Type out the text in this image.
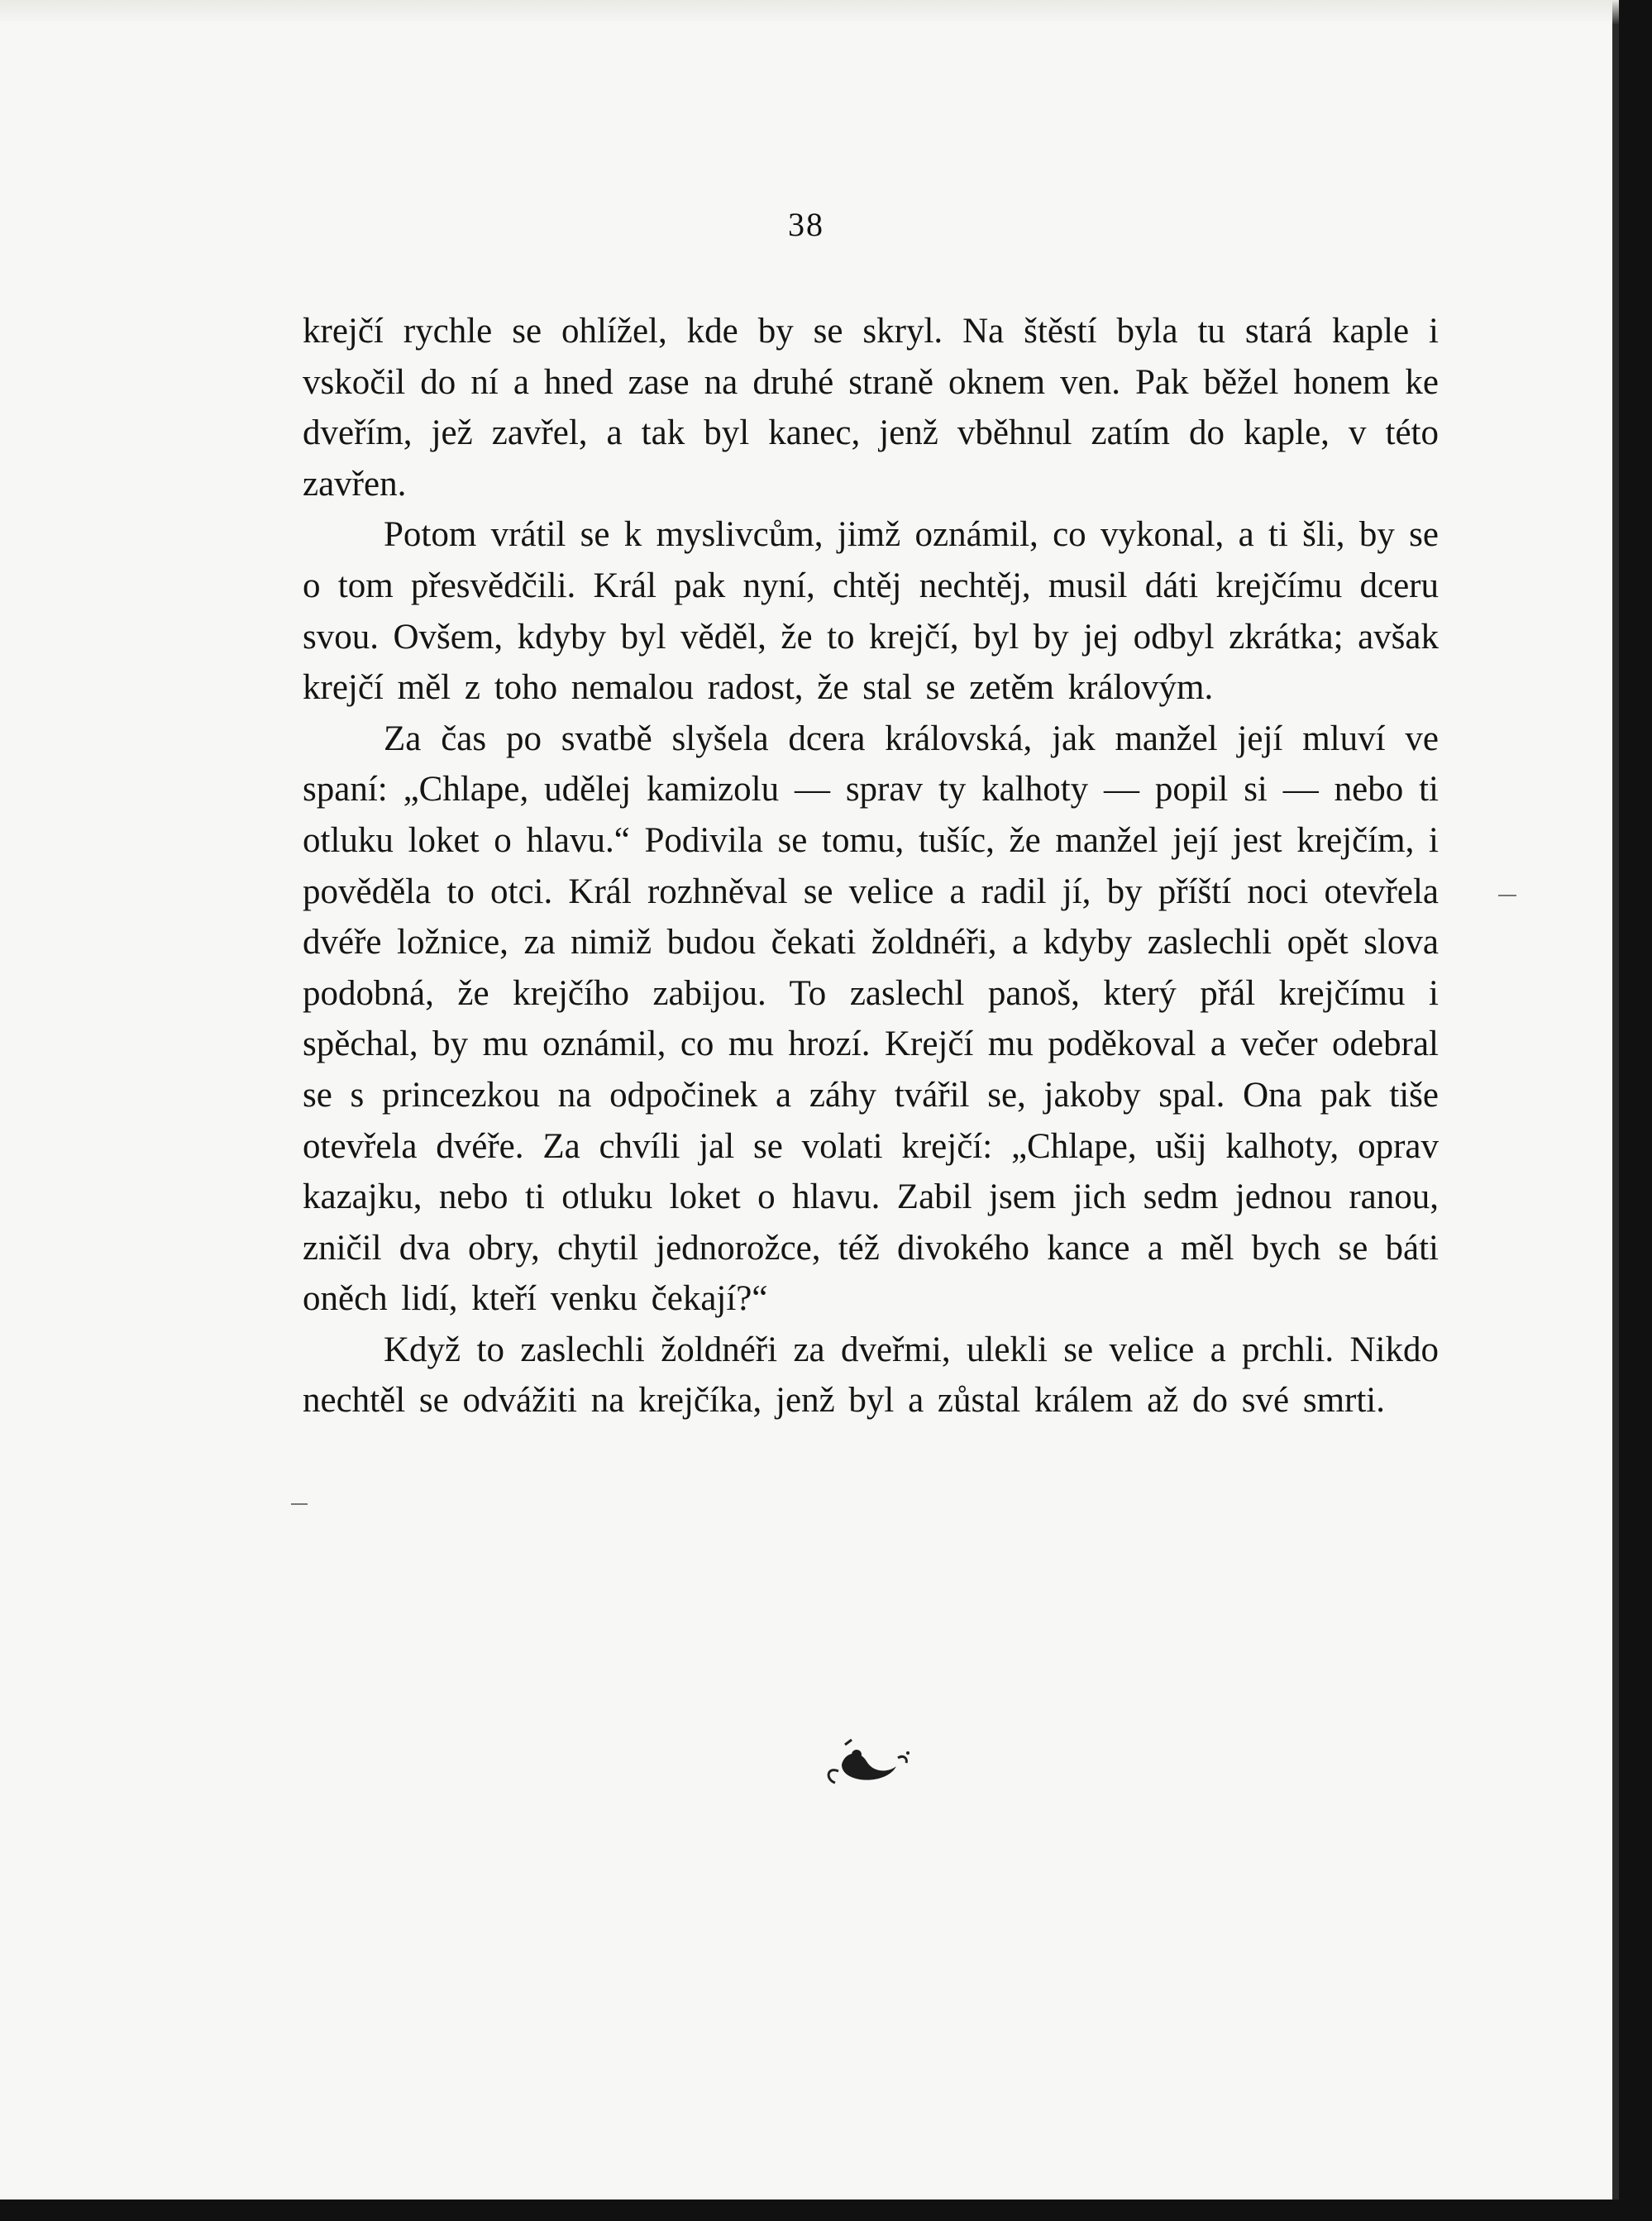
38

krejčí rychle se ohlížel, kde by se skryl. Na štěstí byla tu stará kaple i vskočil do ní a hned zase na druhé straně oknem ven. Pak běžel honem ke dveřím, jež zavřel, a tak byl kanec, jenž vběhnul zatím do kaple, v této zavřen.

Potom vrátil se k myslivcům, jimž oznámil, co vykonal, a ti šli, by se o tom přesvědčili. Král pak nyní, chtěj nechtěj, musil dáti krejčímu dceru svou. Ovšem, kdyby byl věděl, že to krejčí, byl by jej odbyl zkrátka; avšak krejčí měl z toho nemalou radost, že stal se zetěm královým.

Za čas po svatbě slyšela dcera královská, jak manžel její mluví ve spaní: „Chlape, udělej kamizolu — sprav ty kalhoty — popil si — nebo ti otluku loket o hlavu.“ Podivila se tomu, tušíc, že manžel její jest krejčím, i pověděla to otci. Král rozhněval se velice a radil jí, by příští noci otevřela dvéře ložnice, za nimiž budou čekati žoldnéři, a kdyby zaslechli opět slova podobná, že krejčího zabijou. To zaslechl panoš, který přál krejčímu i spěchal, by mu oznámil, co mu hrozí. Krejčí mu poděkoval a večer odebral se s princezkou na odpočinek a záhy tvářil se, jakoby spal. Ona pak tiše otevřela dvéře. Za chvíli jal se volati krejčí: „Chlape, ušij kalhoty, oprav kazajku, nebo ti otluku loket o hlavu. Zabil jsem jich sedm jednou ranou, zničil dva obry, chytil jednorožce, též divokého kance a měl bych se báti oněch lidí, kteří venku čekají?“

Když to zaslechli žoldnéři za dveřmi, ulekli se velice a prchli. Nikdo nechtěl se odvážiti na krejčíka, jenž byl a zůstal králem až do své smrti.
